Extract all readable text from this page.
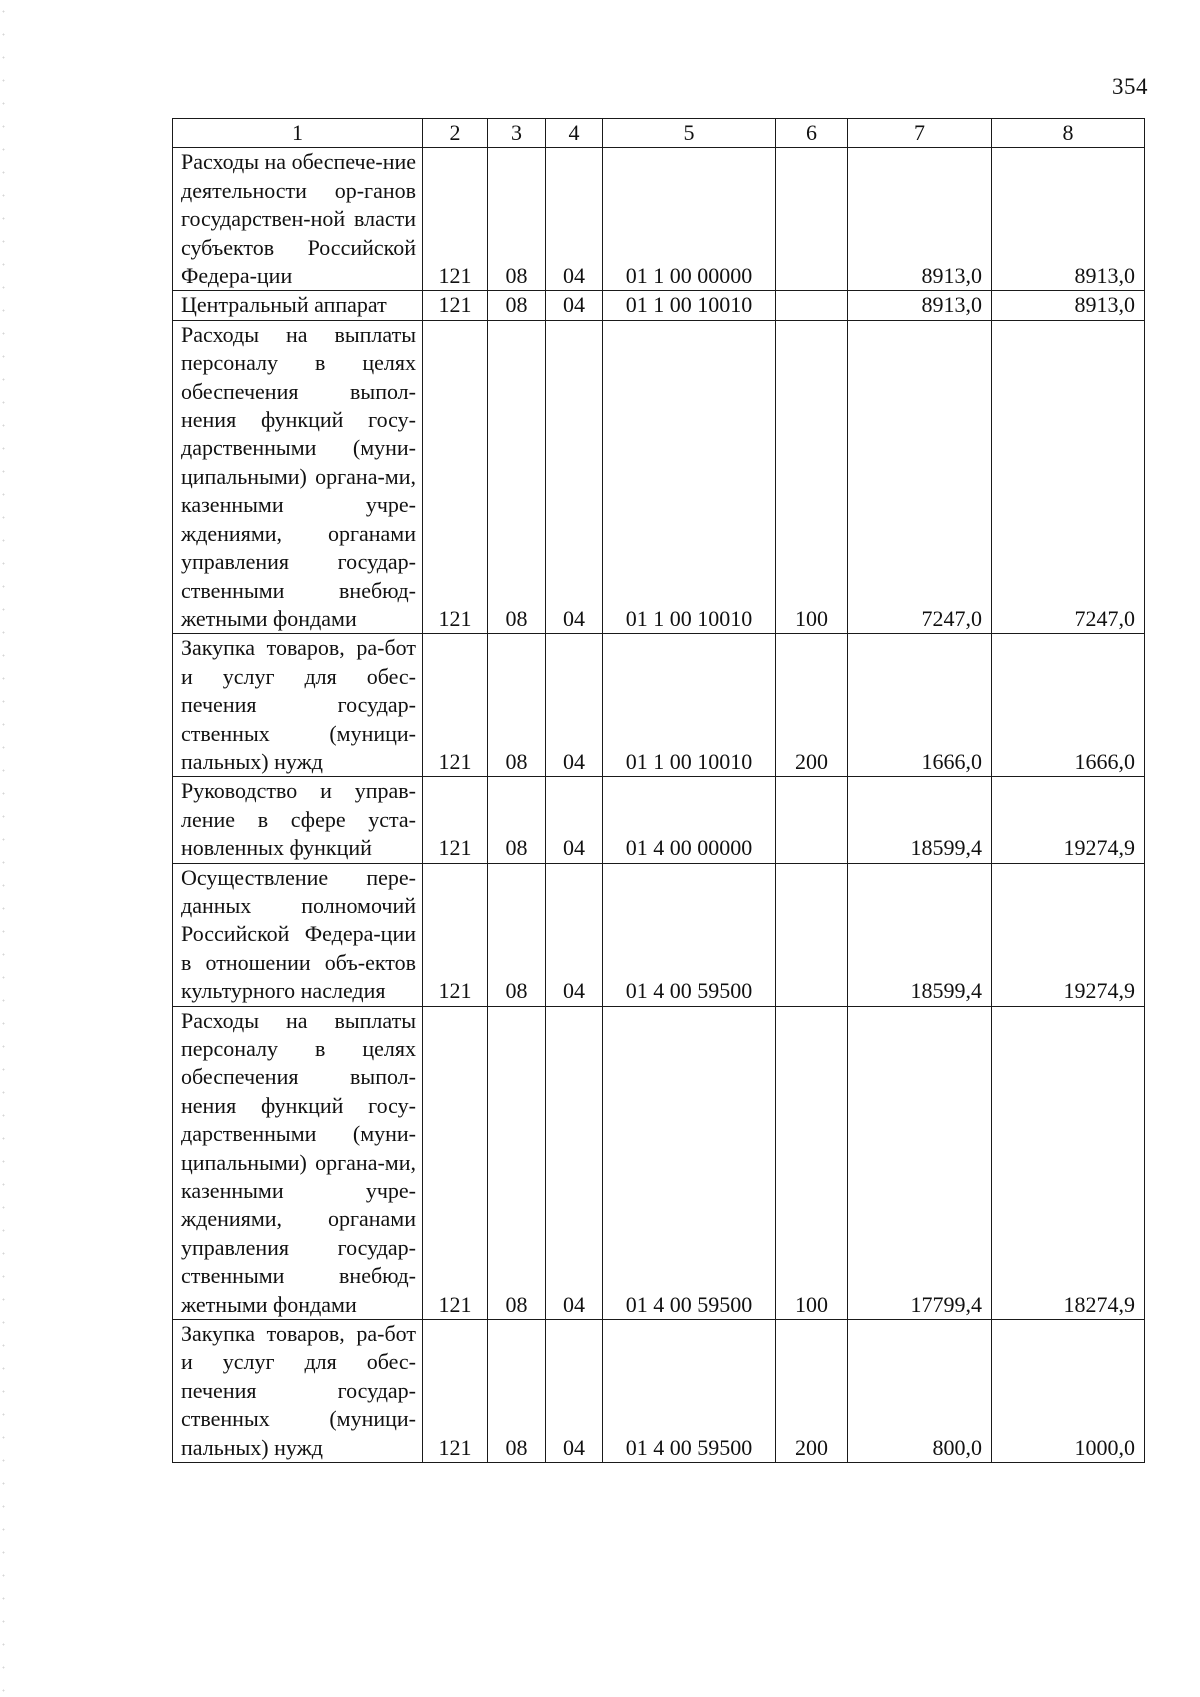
354
1	2	3	4	5	6	7	8
Расходы на обеспече-ние деятельности ор-ганов государствен-ной власти субъектов Российской Федера-ции	121	08	04	01 1 00 00000		8913,0	8913,0
Центральный аппарат	121	08	04	01 1 00 10010		8913,0	8913,0
Расходы на выплаты персоналу в целях обеспечения выпол-нения функций госу-дарственными (муни-ципальными) органа-ми, казенными учре-ждениями, органами управления государ-ственными внебюд-жетными фондами	121	08	04	01 1 00 10010	100	7247,0	7247,0
Закупка товаров, ра-бот и услуг для обес-печения государ-ственных (муници-пальных) нужд	121	08	04	01 1 00 10010	200	1666,0	1666,0
Руководство и управ-ление в сфере уста-новленных функций	121	08	04	01 4 00 00000		18599,4	19274,9
Осуществление пере-данных полномочий Российской Федера-ции в отношении объ-ектов культурного наследия	121	08	04	01 4 00 59500		18599,4	19274,9
Расходы на выплаты персоналу в целях обеспечения выпол-нения функций госу-дарственными (муни-ципальными) органа-ми, казенными учре-ждениями, органами управления государ-ственными внебюд-жетными фондами	121	08	04	01 4 00 59500	100	17799,4	18274,9
Закупка товаров, ра-бот и услуг для обес-печения государ-ственных (муници-пальных) нужд	121	08	04	01 4 00 59500	200	800,0	1000,0
